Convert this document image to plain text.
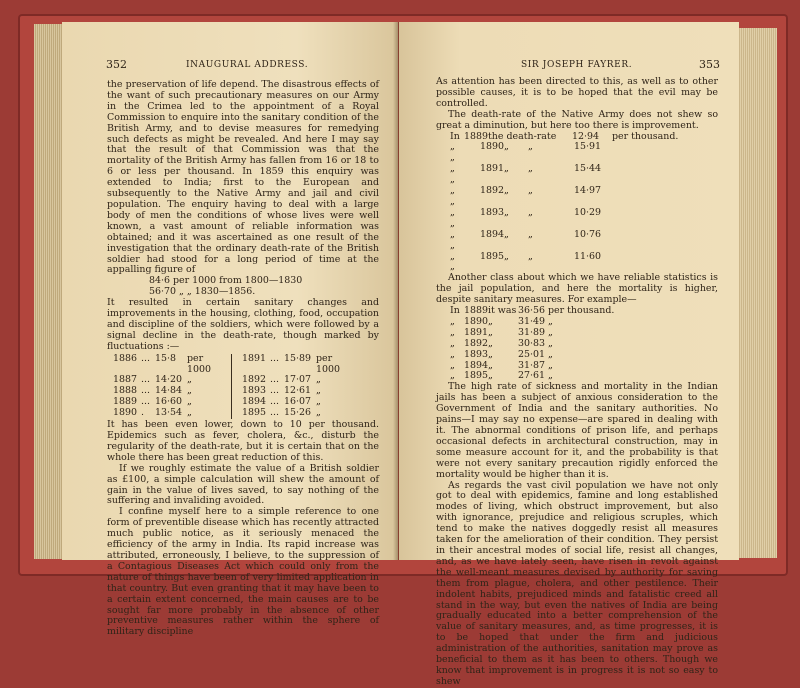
352	INAUGURAL ADDRESS.

the preservation of life depend. The disastrous effects of the want of such precautionary measures on our Army in the Crimea led to the appointment of a Royal Commission to enquire into the sanitary condition of the British Army, and to devise measures for remedying such defects as might be revealed. And here I may say that the result of that Commission was that the mortality of the British Army has fallen from 16 or 18 to 6 or less per thousand. In 1859 this enquiry was extended to India; first to the European and subsequently to the Native Army and jail and civil population. The enquiry having to deal with a large body of men the conditions of whose lives were well known, a vast amount of reliable information was obtained; and it was ascertained as one result of the investigation that the ordinary death-rate of the British soldier had stood for a long period of time at the appalling figure of

84·6 per 1000 from 1800—1830
56·70 „ „ 1830—1856.

It resulted in certain sanitary changes and improvements in the housing, clothing, food, occupation and discipline of the soldiers, which were followed by a signal decline in the death-rate, though marked by fluctuations :—

1886 ... 15·8	per 1000
1887 ... 14·20 „
1888 ... 14·84 „
1889 ... 16·60 „
1890 .	13·54 „
1891 ... 15·89 per 1000
1892 ... 17·07 „
1893 ... 12·61 „
1894 ... 16·07 „
1895 ... 15·26 „

It has been even lower, down to 10 per thousand. Epidemics such as fever, cholera, &c., disturb the regularity of the death-rate, but it is certain that on the whole there has been great reduction of this.

If we roughly estimate the value of a British soldier as £100, a simple calculation will shew the amount of gain in the value of lives saved, to say nothing of the suffering and invaliding avoided.

I confine myself here to a simple reference to one form of preventible disease which has recently attracted much public notice, as it seriously menaced the efficiency of the army in India. Its rapid increase was attributed, erroneously, I believe, to the suppression of a Contagious Diseases Act which could only from the nature of things have been of very limited application in that country. But even granting that it may have been to a certain extent concerned, the main causes are to be sought far more probably in the absence of other preventive measures rather within the sphere of military discipline

SIR JOSEPH FAYRER.	353

As attention has been directed to this, as well as to other possible causes, it is to be hoped that the evil may be controlled.

The death-rate of the Native Army does not shew so great a diminution, but here too there is improvement.

In 1889 the death-rate	12·94	per thousand.
„	1890 „	„	15·91
„
„	1891 „	„	15·44
„
„	1892 „	„	14·97
„
„	1893 „	„	10·29
„
„	1894 „	„	10·76
„
„	1895 „	„	11·60
„

Another class about which we have reliable statistics is the jail population, and here the mortality is higher, despite sanitary measures. For example—

In 1889 it was 36·56 per thousand.
„ 1890 „	31·49 „
„ 1891 „	31·89 „
„ 1892 „	30·83 „
„ 1893 „	25·01 „
„ 1894 „	31·87 „
„ 1895 „	27·61 „

The high rate of sickness and mortality in the Indian jails has been a subject of anxious consideration to the Government of India and the sanitary authorities. No pains—I may say no expense—are spared in dealing with it. The abnormal conditions of prison life, and perhaps occasional defects in architectural construction, may in some measure account for it, and the probability is that were not every sanitary precaution rigidly enforced the mortality would be higher than it is.

As regards the vast civil population we have not only got to deal with epidemics, famine and long established modes of living, which obstruct improvement, but also with ignorance, prejudice and religious scruples, which tend to make the natives doggedly resist all measures taken for the amelioration of their condition. They persist in their ancestral modes of social life, resist all changes, and, as we have lately seen, have risen in revolt against the well-meant measures devised by authority for saving them from plague, cholera, and other pestilence. Their indolent habits, prejudiced minds and fatalistic creed all stand in the way, but even the natives of India are being gradually educated into a better comprehension of the value of sanitary measures, and, as time progresses, it is to be hoped that under the firm and judicious administration of the authorities, sanitation may prove as beneficial to them as it has been to others. Though we know that improvement is in progress it is not so easy to shew
